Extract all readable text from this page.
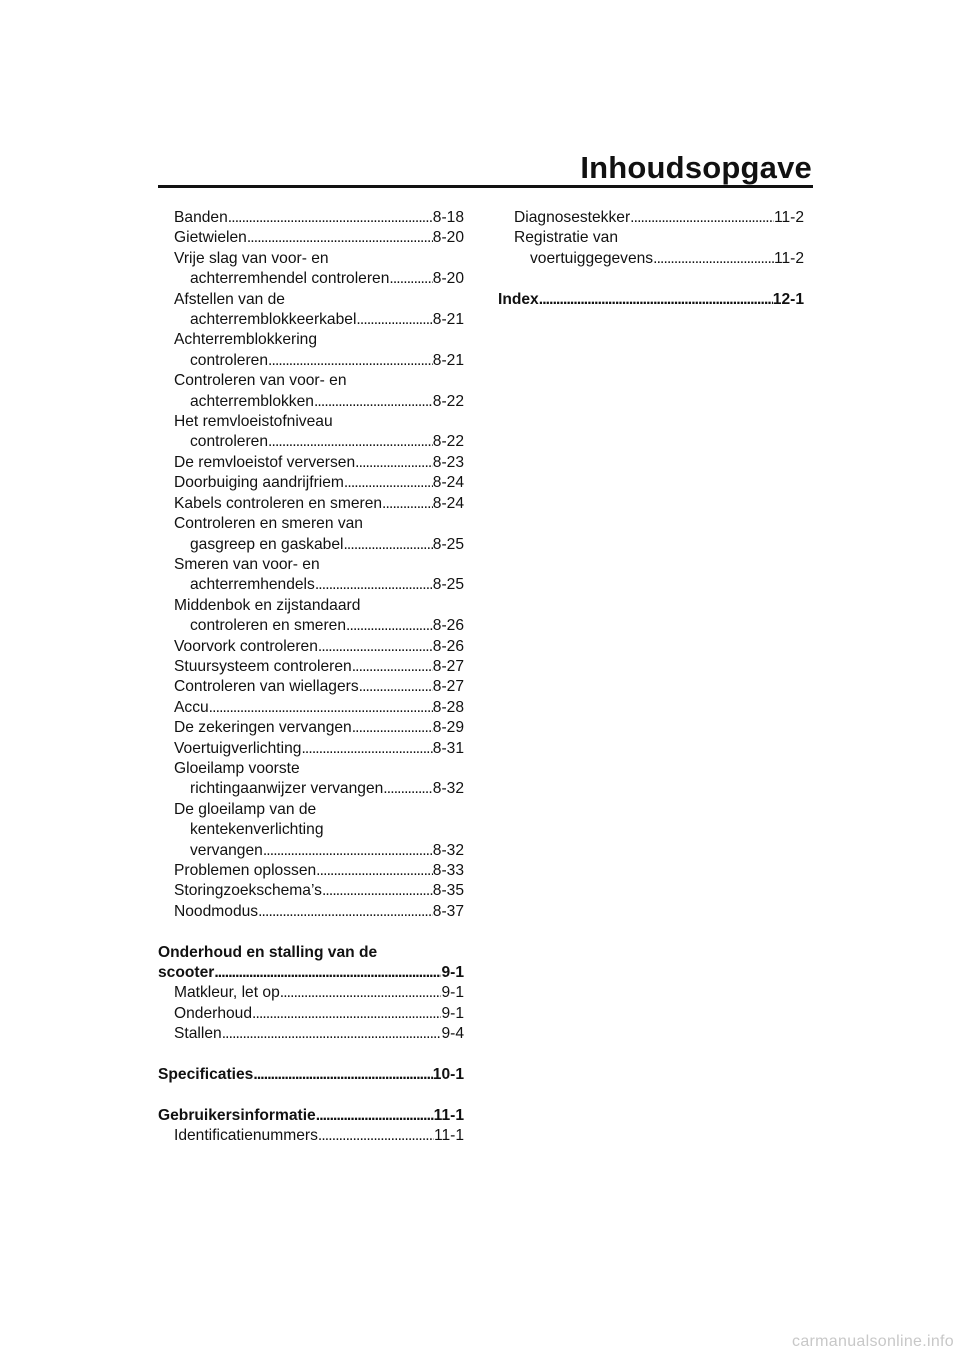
Inhoudsopgave
Banden . . .	8-18
Gietwielen . . .	8-20
Vrije slag van voor- en
achterremhendel controleren . . .	8-20
Afstellen van de
achterremblokkeerkabel . . .	8-21
Achterremblokkering
controleren . . .	8-21
Controleren van voor- en
achterremblokken . . .	8-22
Het remvloeistofniveau
controleren . . .	8-22
De remvloeistof verversen . . .	8-23
Doorbuiging aandrijfriem . . .	8-24
Kabels controleren en smeren . . .	8-24
Controleren en smeren van
gasgreep en gaskabel . . .	8-25
Smeren van voor- en
achterremhendels . . .	8-25
Middenbok en zijstandaard
controleren en smeren . . .	8-26
Voorvork controleren . . .	8-26
Stuursysteem controleren . . .	8-27
Controleren van wiellagers . . .	8-27
Accu . . .	8-28
De zekeringen vervangen . . .	8-29
Voertuigverlichting . . .	8-31
Gloeilamp voorste
richtingaanwijzer vervangen . . .	8-32
De gloeilamp van de
kentekenverlichting
vervangen . . .	8-32
Problemen oplossen . . .	8-33
Storingzoekschema’s . . .	8-35
Noodmodus . . .	8-37
Onderhoud en stalling van de
scooter . . .	9-1
Matkleur, let op . . .	9-1
Onderhoud . . .	9-1
Stallen . . .	9-4
Specificaties . . .	10-1
Gebruikersinformatie . . .	11-1
Identificatienummers . . .	11-1
Diagnosestekker . . .	11-2
Registratie van
voertuiggegevens . . .	11-2
Index . . .	12-1
carmanualsonline.info
